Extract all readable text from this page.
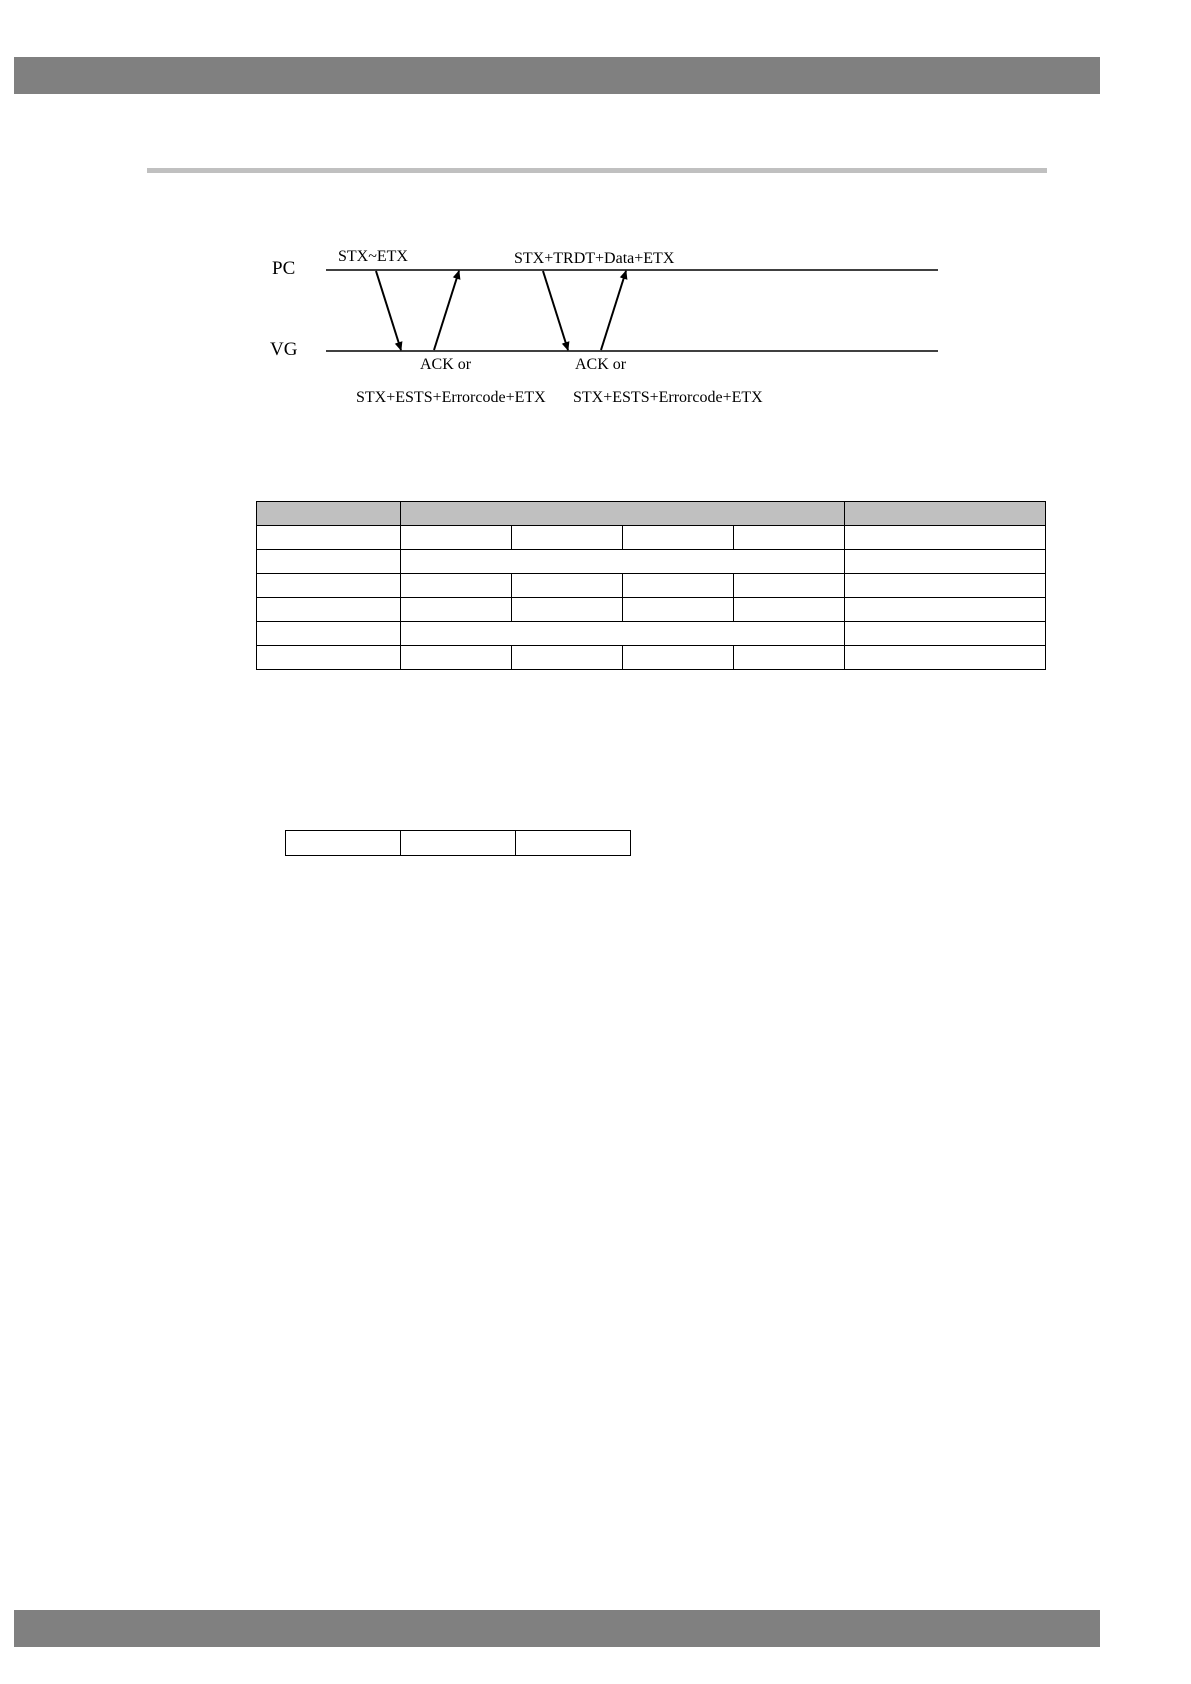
PC
VG
STX~ETX	STX+TRDT+Data+ETX
ACK or
STX+ESTS+Errorcode+ETX
ACK or
STX+ESTS+Errorcode+ETX
